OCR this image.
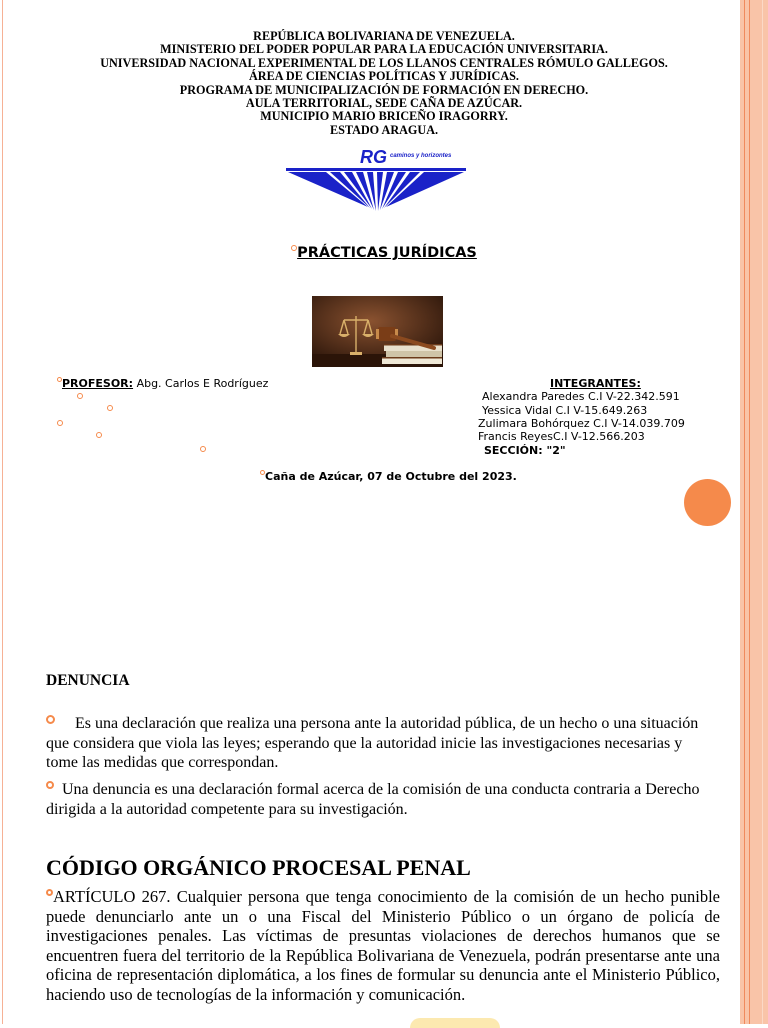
REPÚBLICA BOLIVARIANA DE VENEZUELA.
MINISTERIO DEL PODER POPULAR PARA LA EDUCACIÓN UNIVERSITARIA.
UNIVERSIDAD NACIONAL EXPERIMENTAL DE LOS LLANOS CENTRALES RÓMULO GALLEGOS.
ÁREA DE CIENCIAS POLÍTICAS Y JURÍDICAS.
PROGRAMA DE MUNICIPALIZACIÓN DE FORMACIÓN EN DERECHO.
AULA TERRITORIAL, SEDE CAÑA DE AZÚCAR.
MUNICIPIO MARIO BRICEÑO IRAGORRY.
ESTADO ARAGUA.
RG caminos y horizontes
PRÁCTICAS JURÍDICAS
PROFESOR: Abg. Carlos E Rodríguez	INTEGRANTES:
Alexandra Paredes C.I V-22.342.591
Yessica Vidal C.I V-15.649.263
Zulimara Bohórquez C.I V-14.039.709
Francis ReyesC.I V-12.566.203
SECCIÓN: "2"
Caña de Azúcar, 07 de Octubre del 2023.
DENUNCIA
Es una declaración que realiza una persona ante la autoridad pública, de un hecho o una situación que considera que viola las leyes; esperando que la autoridad inicie las investigaciones necesarias y tome las medidas que correspondan.
Una denuncia es una declaración formal acerca de la comisión de una conducta contraria a Derecho dirigida a la autoridad competente para su investigación.
CÓDIGO ORGÁNICO PROCESAL PENAL
ARTÍCULO 267. Cualquier persona que tenga conocimiento de la comisión de un hecho punible puede denunciarlo ante un o una Fiscal del Ministerio Público o un órgano de policía de investigaciones penales. Las víctimas de presuntas violaciones de derechos humanos que se encuentren fuera del territorio de la República Bolivariana de Venezuela, podrán presentarse ante una oficina de representación diplomática, a los fines de formular su denuncia ante el Ministerio Público, haciendo uso de tecnologías de la información y comunicación.
